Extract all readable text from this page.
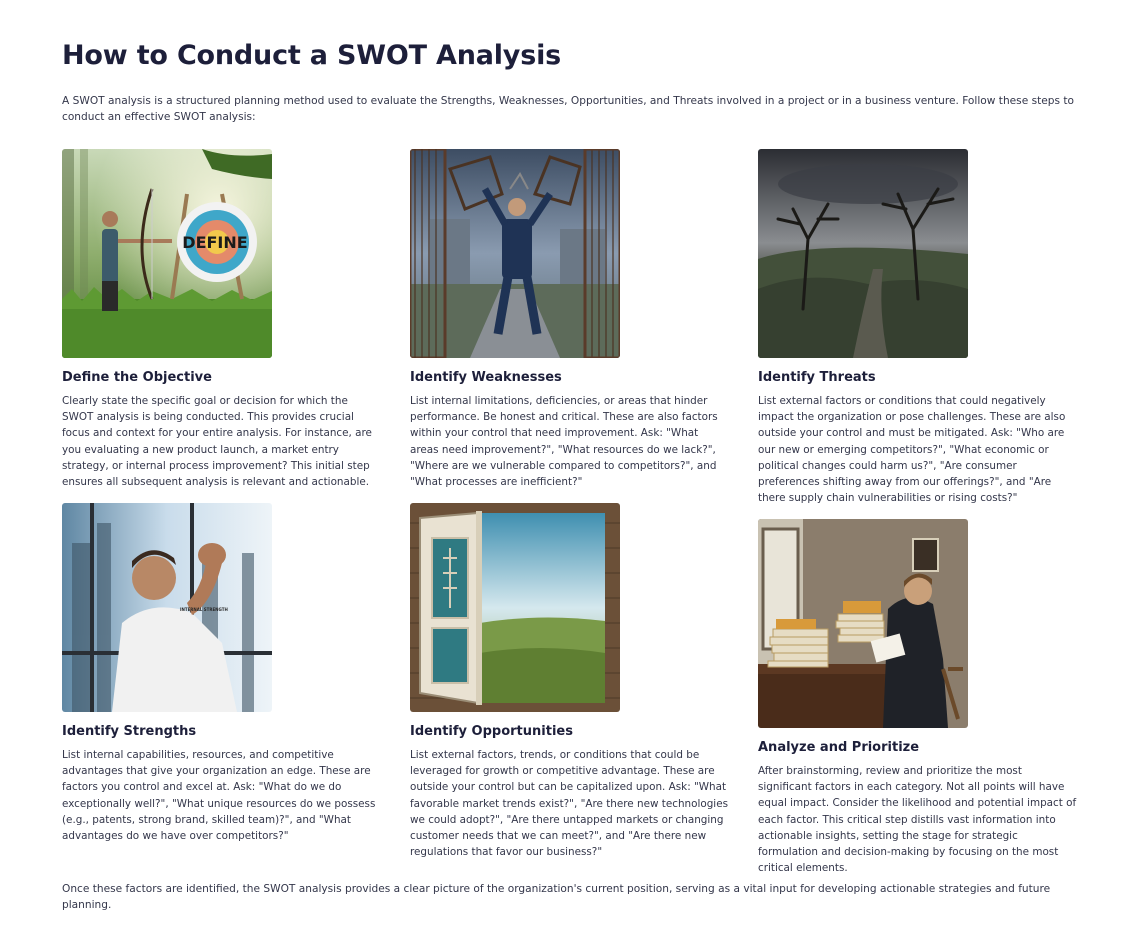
How to Conduct a SWOT Analysis

A SWOT analysis is a structured planning method used to evaluate the Strengths, Weaknesses, Opportunities, and Threats involved in a project or in a business venture. Follow these steps to conduct an effective SWOT analysis:

DEFINE
Define the Objective

Clearly state the specific goal or decision for which the SWOT analysis is being conducted. This provides crucial focus and context for your entire analysis. For instance, are you evaluating a new product launch, a market entry strategy, or internal process improvement? This initial step ensures all subsequent analysis is relevant and actionable.

Identify Weaknesses

List internal limitations, deficiencies, or areas that hinder performance. Be honest and critical. These are also factors within your control that need improvement. Ask: "What areas need improvement?", "What resources do we lack?", "Where are we vulnerable compared to competitors?", and "What processes are inefficient?"

Identify Threats

List external factors or conditions that could negatively impact the organization or pose challenges. These are also outside your control and must be mitigated. Ask: "Who are our new or emerging competitors?", "What economic or political changes could harm us?", "Are consumer preferences shifting away from our offerings?", and "Are there supply chain vulnerabilities or rising costs?"

INTERNAL STRENGTH
Identify Strengths

List internal capabilities, resources, and competitive advantages that give your organization an edge. These are factors you control and excel at. Ask: "What do we do exceptionally well?", "What unique resources do we possess (e.g., patents, strong brand, skilled team)?", and "What advantages do we have over competitors?"

Identify Opportunities

List external factors, trends, or conditions that could be leveraged for growth or competitive advantage. These are outside your control but can be capitalized upon. Ask: "What favorable market trends exist?", "Are there new technologies we could adopt?", "Are there untapped markets or changing customer needs that we can meet?", and "Are there new regulations that favor our business?"

Analyze and Prioritize

After brainstorming, review and prioritize the most significant factors in each category. Not all points will have equal impact. Consider the likelihood and potential impact of each factor. This critical step distills vast information into actionable insights, setting the stage for strategic formulation and decision-making by focusing on the most critical elements.

Once these factors are identified, the SWOT analysis provides a clear picture of the organization's current position, serving as a vital input for developing actionable strategies and future planning.
